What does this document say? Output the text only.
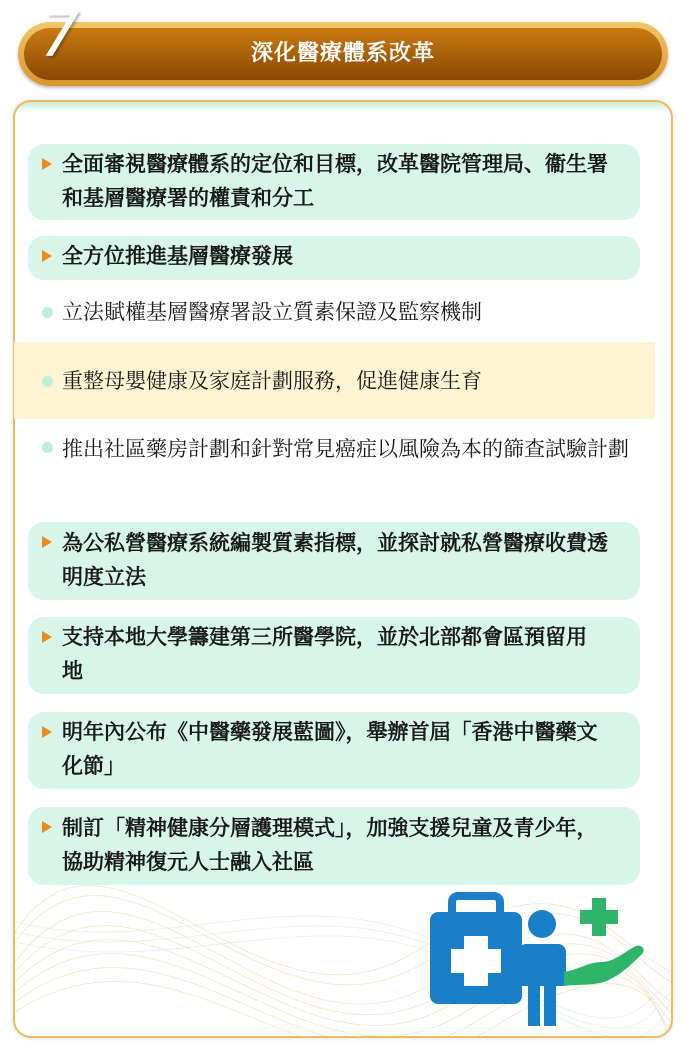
7	深化醫療體系改革
全面審視醫療體系的定位和目標，改革醫院管理局、衞生署和基層醫療署的權責和分工
全方位推進基層醫療發展
立法賦權基層醫療署設立質素保證及監察機制
重整母嬰健康及家庭計劃服務，促進健康生育
推出社區藥房計劃和針對常見癌症以風險為本的篩查試驗計劃
為公私營醫療系統編製質素指標，並探討就私營醫療收費透明度立法
支持本地大學籌建第三所醫學院，並於北部都會區預留用地
明年內公布《中醫藥發展藍圖》，舉辦首屆「香港中醫藥文化節」
制訂「精神健康分層護理模式」，加強支援兒童及青少年，協助精神復元人士融入社區
